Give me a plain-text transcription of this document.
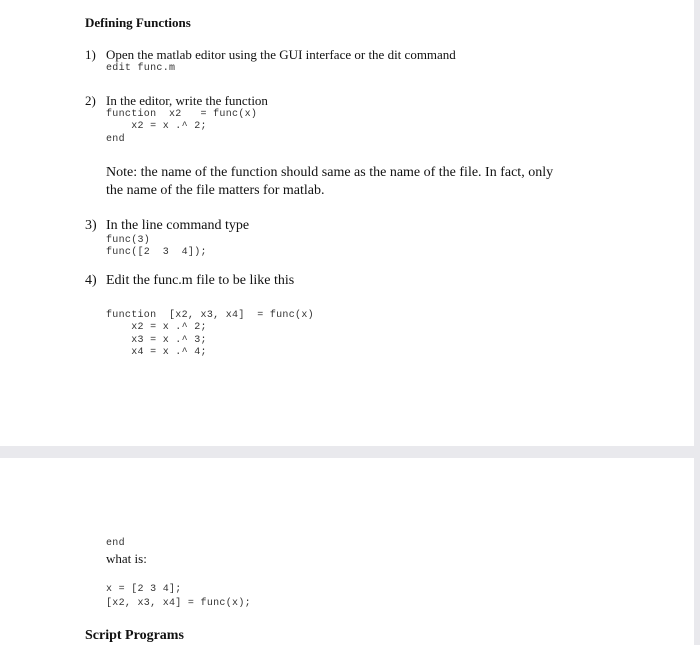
Defining Functions
1) Open the matlab editor using the GUI interface or the dit command
edit func.m
2) In the editor, write the function
function  x2   = func(x)
x2 = x .^ 2;
end
Note: the name of the function should same as the name of the file. In fact, only
the name of the file matters for matlab.
3) In the line command type
func(3)
func([2  3  4]);
4) Edit the func.m file to be like this
function  [x2, x3, x4]  = func(x)
x2 = x .^ 2;
x3 = x .^ 3;
x4 = x .^ 4;
end
what is:
x = [2 3 4];
[x2, x3, x4] = func(x);
Script Programs
